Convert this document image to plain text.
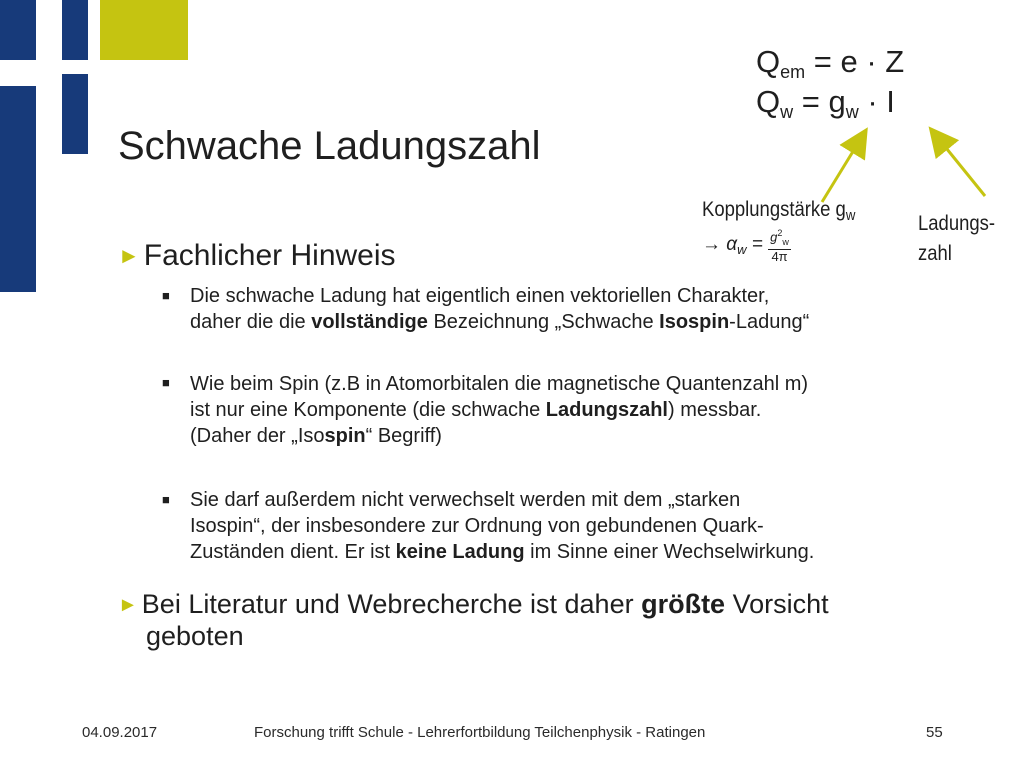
Schwache Ladungszahl
$Q_{em} = e \cdot Z$
$Q_w = g_w \cdot I$
Kopplungstärke gw
→ $\alpha_w = \frac{g^2_w}{4\pi}$
Ladungs-
zahl
► Fachlicher Hinweis
■ Die schwache Ladung hat eigentlich einen vektoriellen Charakter,
daher die die vollständige Bezeichnung „Schwache Isospin-Ladung“
■ Wie beim Spin (z.B in Atomorbitalen die magnetische Quantenzahl m)
ist nur eine Komponente (die schwache Ladungszahl) messbar.
(Daher der „Isospin“ Begriff)
■ Sie darf außerdem nicht verwechselt werden mit dem „starken
Isospin“, der insbesondere zur Ordnung von gebundenen Quark-
Zuständen dient. Er ist keine Ladung im Sinne einer Wechselwirkung.
► Bei Literatur und Webrecherche ist daher größte Vorsicht
geboten
04.09.2017	Forschung trifft Schule - Lehrerfortbildung Teilchenphysik - Ratingen	55
